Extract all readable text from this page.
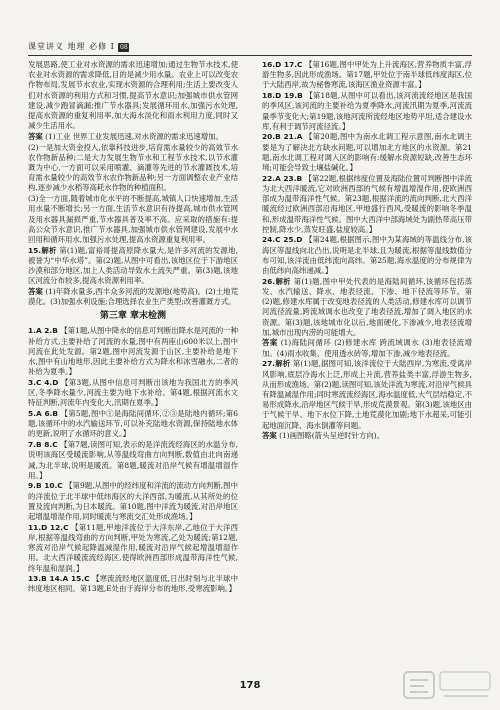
课堂讲义 地理 必修 I 08

发展思路,使工业对水资源的需求迅速增加;通过生物节水技术,使农业对水资源的需求降低,目的是减少用水量。农业上可以改变农作物布局,发展节水农业,实现水资源的合理利用;生活上要改变人们对水资源的利用方式和习惯,提高节水意识;加强城市供水管网建设,减少跑冒滴漏;推广节水器具;发展循环用水,加强污水处理,提高水资源的重复利用率,加大海水淡化和雨水利用力度,同时又减少生活用水。

答案 (1)工业 世界工业发展迅速,对水资源的需求迅速增加。

(2)一是加大资金投入,依靠科技进步,培育需水量较少的高效节水农作物新品种;二是大力发展生物节水和工程节水技术,以节水灌溉为中心,一方面可以采用喷灌、滴灌等先进的节水灌溉技术,培育需水量较少的高效节水农作物新品种;另一方面调整农业产业结构,逐步减少水稻等高耗水作物的种植面积。

(3)全一方面,随着城市化水平的不断提高,城镇人口快速增加,生活用水量不断增长;另一方面,生活节水意识有待提高,城市供水管网及用水器具漏损严重,节水器具普及率不高。应采取的措施有:提高公众节水意识,推广节水器具,加强城市供水管网建设,发展中水回用和循环用水,加强污水处理,提高水资源重复利用率。

15.解析 第(1)题,富裕哥提高原降水量大,是许多河流的发源地,被誉为“中华水塔”。第(2)题,从图中可看出,该地区位于下游地区沙漠和部分地区,加上人类活动导致水土流失严重。第(3)题,该地区河流分布较多,提高水资源利用率。

答案 (1)年降水量多,西丰众多河流的发源地(地势高)。(2)土地荒漠化。(3)加强水利设施;合理选择农业生产类型;改善灌溉方式。

第三章 章末检测

1.A 2.B 【第1题,从图中降水的信息可判断出降水是河流的一种补给方式,主要补给了河流的水量,图中有两座山600米以上,图中河流在此处发源。第2题,图中河流发源于山区,主要补给是地下水,图中有山地地形,因此主要补给方式为降水和冰雪融水,二者的补给为夏季。】

3.C 4.D 【第3题,从图中信息可判断出该地为我国北方的季风区,冬季降水量少,河流主要为地下水补给。第4题,根据河流水文特征判断,河流年内变化大,汛期在夏季。】

5.A 6.B 【第5题,图中①是海陆间循环,②③是陆地内循环;第6题,该循环中的水汽输送环节,可以补充陆地水资源,保持陆地水体的更新,说明了水循环的意义。】

7.B 8.C 【第7题,读图可知,表示的是洋流流经海区的水温分布,说明该海区受暖流影响,从等温线弯曲方向判断,数值由北向南递减,为北半球,说明是暖流。第8题,暖流对沿岸气候有增温增湿作用。】

9.B 10.C 【第9题,从图中的经纬度和洋流的流动方向判断,图中的洋流位于北半球中低纬海区的大洋西部,为暖流,从其所处的位置及流向判断,为日本暖流。第10题,图中洋流为暖流,对沿岸地区起增温增湿作用,同时暖流与寒流交汇处形成渔场。】

11.D 12.C 【第11题,甲地洋流位于大洋东岸,乙地位于大洋西岸,根据等温线弯曲的方向判断,甲处为寒流,乙处为暖流;第12题,寒流对沿岸气候起降温减湿作用,暖流对沿岸气候起增温增湿作用。北大西洋暖流流经海区,使得欧洲西部形成温带海洋性气候,终年温和湿润。】

13.B 14.A 15.C 【寒流流经地区温度低,日出时刻与北半球中纬度地区相同。第13题,E处由于海岸分布的地形,受寒流影响。】

16.D 17.C 【第16题,图中甲处为上升流海区,营养物质丰富,浮游生物多,因此形成渔场。第17题,甲处位于南半球低纬度海区,位于大陆西岸,故为秘鲁寒流,该海区渔业资源丰富。】

18.D 19.B 【第18题,从图中可以看出,该河流流经地区是我国的季风区,该河流的主要补给为夏季降水,河流汛期为夏季,河流流量季节变化大;第19题,该地河流所流经地区地势平坦,适合建设水库,有利于调节河流径流。】

20.B 21.A 【第20题,图中为南水北调工程示意图,南水北调主要是为了解决北方缺水问题,可以增加北方地区的水资源。第21题,南水北调工程对调入区的影响有:缓解水资源短缺,改善生态环境;可能会导致土壤盐碱化。】

22.A 23.B 【第22题,根据纬度位置及海陆位置可判断图中洋流为北大西洋暖流,它对欧洲西部的气候有增温增湿作用,使欧洲西部成为温带海洋性气候。第23题,根据洋流的流向判断,北大西洋暖流经过欧洲西部沿海地区,甲地盛行西风,受暖流的影响冬季温和,形成温带海洋性气候。图中大西洋中部海域处为副热带高压带控制,降水少,蒸发旺盛,盐度较高。】

24.C 25.D 【第24题,根据图示,图中为某海域的等温线分布,该海区等温线向北凸出,说明是北半球,且为暖流,根据等温线数值分布可知,该洋流由低纬流向高纬。第25题,海水温度的分布规律为由低纬向高纬递减。】

26.解析 第(1)题,图中甲处代表的是海陆间循环,该循环包括蒸发、水汽输送、降水、地表径流、下渗、地下径流等环节。第(2)题,修建水库属于改变地表径流的人类活动,修建水库可以调节河流径流量,跨流域调水也改变了地表径流,增加了调入地区的水资源。第(3)题,该地城市化以后,地面硬化,下渗减少,地表径流增加,城市出现内涝的可能增大。

答案 (1)海陆间循环 (2)修建水库 跨流域调水 (3)地表径流增加。(4)雨水收集、使用透水砖等,增加下渗,减少地表径流。

27.解析 第(1)题,据图可知,该洋流位于大陆西岸,为寒流,受离岸风影响,底层冷海水上泛,形成上升流,营养盐类丰富,浮游生物多,从而形成渔场。第(2)题,读图可知,该处洋流为寒流,对沿岸气候具有降温减湿作用;同时寒流流经海区,海水温度低,大气层结稳定,不易形成降水,沿岸地区气候干旱,形成荒漠景观。第(3)题,该地区由于气候干旱、地下水位下降,土地荒漠化加剧;地下水超采,可能引起地面沉降、海水倒灌等问题。

答案 (1)画图略(箭头呈逆时针方向)。

178
